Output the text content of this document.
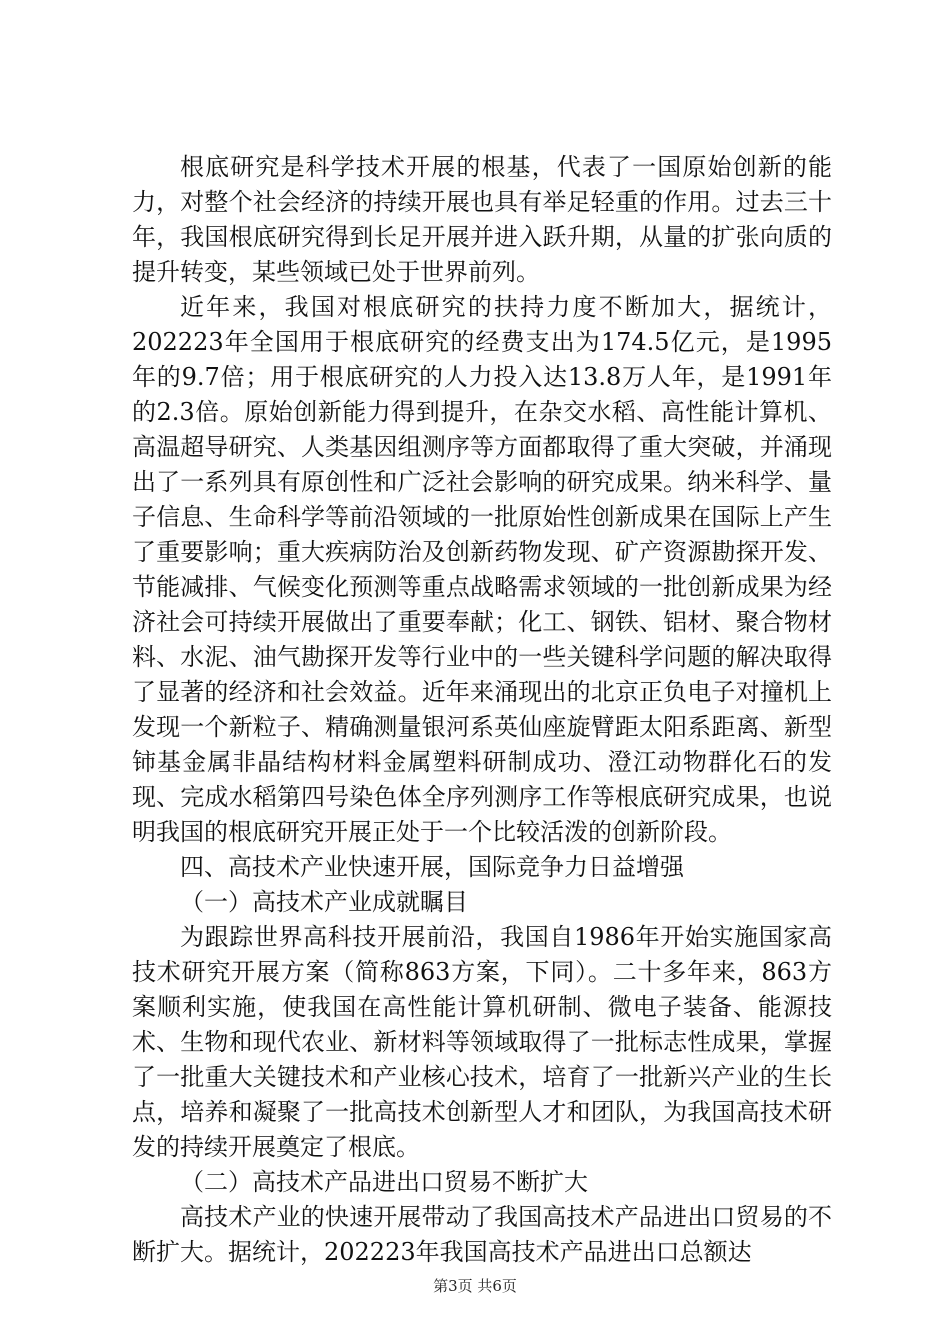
根底研究是科学技术开展的根基，代表了一国原始创新的能力，对整个社会经济的持续开展也具有举足轻重的作用。过去三十年，我国根底研究得到长足开展并进入跃升期，从量的扩张向质的提升转变，某些领域已处于世界前列。

近年来，我国对根底研究的扶持力度不断加大，据统计，202223年全国用于根底研究的经费支出为174.5亿元，是1995年的9.7倍；用于根底研究的人力投入达13.8万人年，是1991年的2.3倍。原始创新能力得到提升，在杂交水稻、高性能计算机、高温超导研究、人类基因组测序等方面都取得了重大突破，并涌现出了一系列具有原创性和广泛社会影响的研究成果。纳米科学、量子信息、生命科学等前沿领域的一批原始性创新成果在国际上产生了重要影响；重大疾病防治及创新药物发现、矿产资源勘探开发、节能减排、气候变化预测等重点战略需求领域的一批创新成果为经济社会可持续开展做出了重要奉献；化工、钢铁、铝材、聚合物材料、水泥、油气勘探开发等行业中的一些关键科学问题的解决取得了显著的经济和社会效益。近年来涌现出的北京正负电子对撞机上发现一个新粒子、精确测量银河系英仙座旋臂距太阳系距离、新型铈基金属非晶结构材料金属塑料研制成功、澄江动物群化石的发现、完成水稻第四号染色体全序列测序工作等根底研究成果，也说明我国的根底研究开展正处于一个比较活泼的创新阶段。

四、高技术产业快速开展，国际竞争力日益增强

（一）高技术产业成就瞩目

为跟踪世界高科技开展前沿，我国自1986年开始实施国家高技术研究开展方案（简称863方案，下同）。二十多年来，863方案顺利实施，使我国在高性能计算机研制、微电子装备、能源技术、生物和现代农业、新材料等领域取得了一批标志性成果，掌握了一批重大关键技术和产业核心技术，培育了一批新兴产业的生长点，培养和凝聚了一批高技术创新型人才和团队，为我国高技术研发的持续开展奠定了根底。

（二）高技术产品进出口贸易不断扩大

高技术产业的快速开展带动了我国高技术产品进出口贸易的不断扩大。据统计，202223年我国高技术产品进出口总额达

第3页 共6页
